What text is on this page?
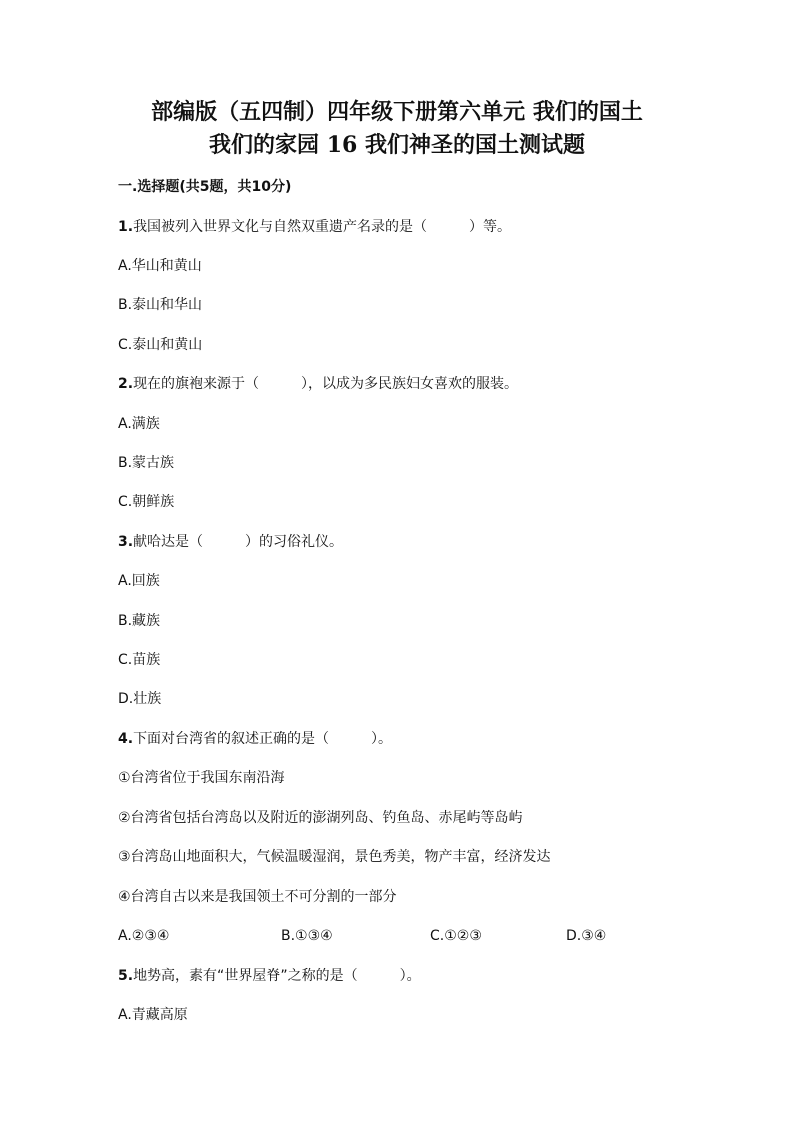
部编版（五四制）四年级下册第六单元 我们的国土
我们的家园 16 我们神圣的国土测试题
一.选择题(共5题，共10分)
1.我国被列入世界文化与自然双重遗产名录的是（　　　）等。
A.华山和黄山
B.泰山和华山
C.泰山和黄山
2.现在的旗袍来源于（　　　），以成为多民族妇女喜欢的服装。
A.满族
B.蒙古族
C.朝鲜族
3.献哈达是（　　　）的习俗礼仪。
A.回族
B.藏族
C.苗族
D.壮族
4.下面对台湾省的叙述正确的是（　　　）。
①台湾省位于我国东南沿海
②台湾省包括台湾岛以及附近的澎湖列岛、钓鱼岛、赤尾屿等岛屿
③台湾岛山地面积大，气候温暖湿润，景色秀美，物产丰富，经济发达
④台湾自古以来是我国领土不可分割的一部分
A.②③④	B.①③④	C.①②③	D.③④
5.地势高，素有“世界屋脊”之称的是（　　　）。
A.青藏高原
